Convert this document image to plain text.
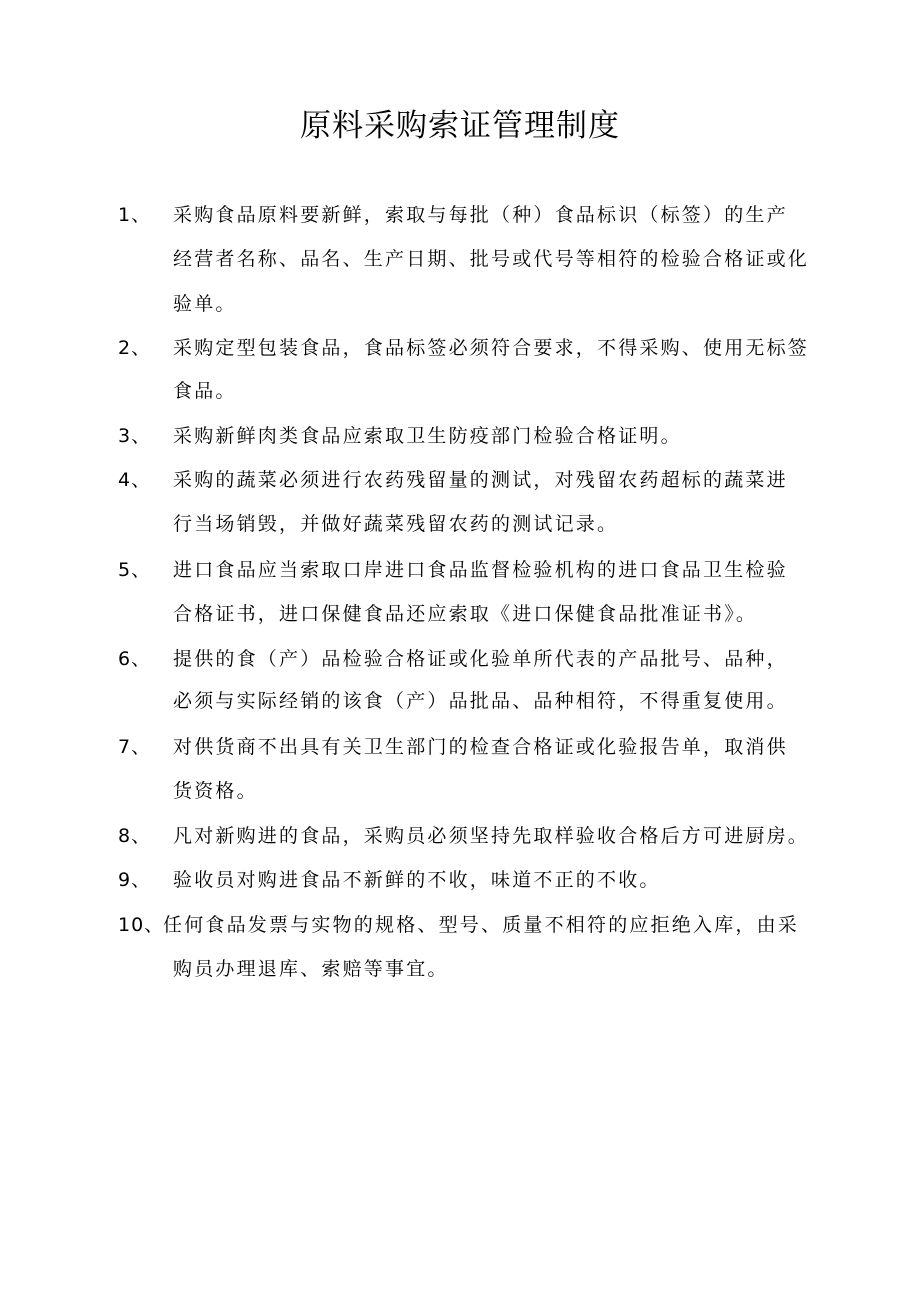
原料采购索证管理制度
1、 采购食品原料要新鲜，索取与每批（种）食品标识（标签）的生产
经营者名称、品名、生产日期、批号或代号等相符的检验合格证或化
验单。
2、 采购定型包装食品，食品标签必须符合要求，不得采购、使用无标签
食品。
3、 采购新鲜肉类食品应索取卫生防疫部门检验合格证明。
4、 采购的蔬菜必须进行农药残留量的测试，对残留农药超标的蔬菜进
行当场销毁，并做好蔬菜残留农药的测试记录。
5、 进口食品应当索取口岸进口食品监督检验机构的进口食品卫生检验
合格证书，进口保健食品还应索取《进口保健食品批准证书》。
6、 提供的食（产）品检验合格证或化验单所代表的产品批号、品种，
必须与实际经销的该食（产）品批品、品种相符，不得重复使用。
7、 对供货商不出具有关卫生部门的检查合格证或化验报告单，取消供
货资格。
8、 凡对新购进的食品，采购员必须坚持先取样验收合格后方可进厨房。
9、 验收员对购进食品不新鲜的不收，味道不正的不收。
10、
任何食品发票与实物的规格、型号、质量不相符的应拒绝入库，由采
购员办理退库、索赔等事宜。
